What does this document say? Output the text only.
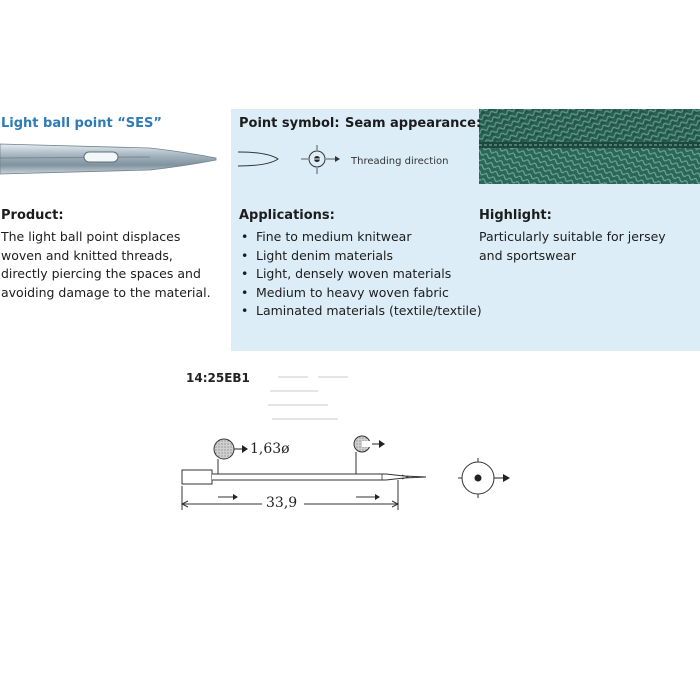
Light ball point “SES”	Point symbol: Seam appearance:
Threading direction
Product:
The light ball point displaces woven and knitted threads, directly piercing the spaces and avoiding damage to the material.
Applications:
• Fine to medium knitwear
• Light denim materials
• Light, densely woven materials
• Medium to heavy woven fabric
• Laminated materials (textile/textile)
Highlight:
Particularly suitable for jersey and sportswear
14:25EB1
1,63ø
33,9
